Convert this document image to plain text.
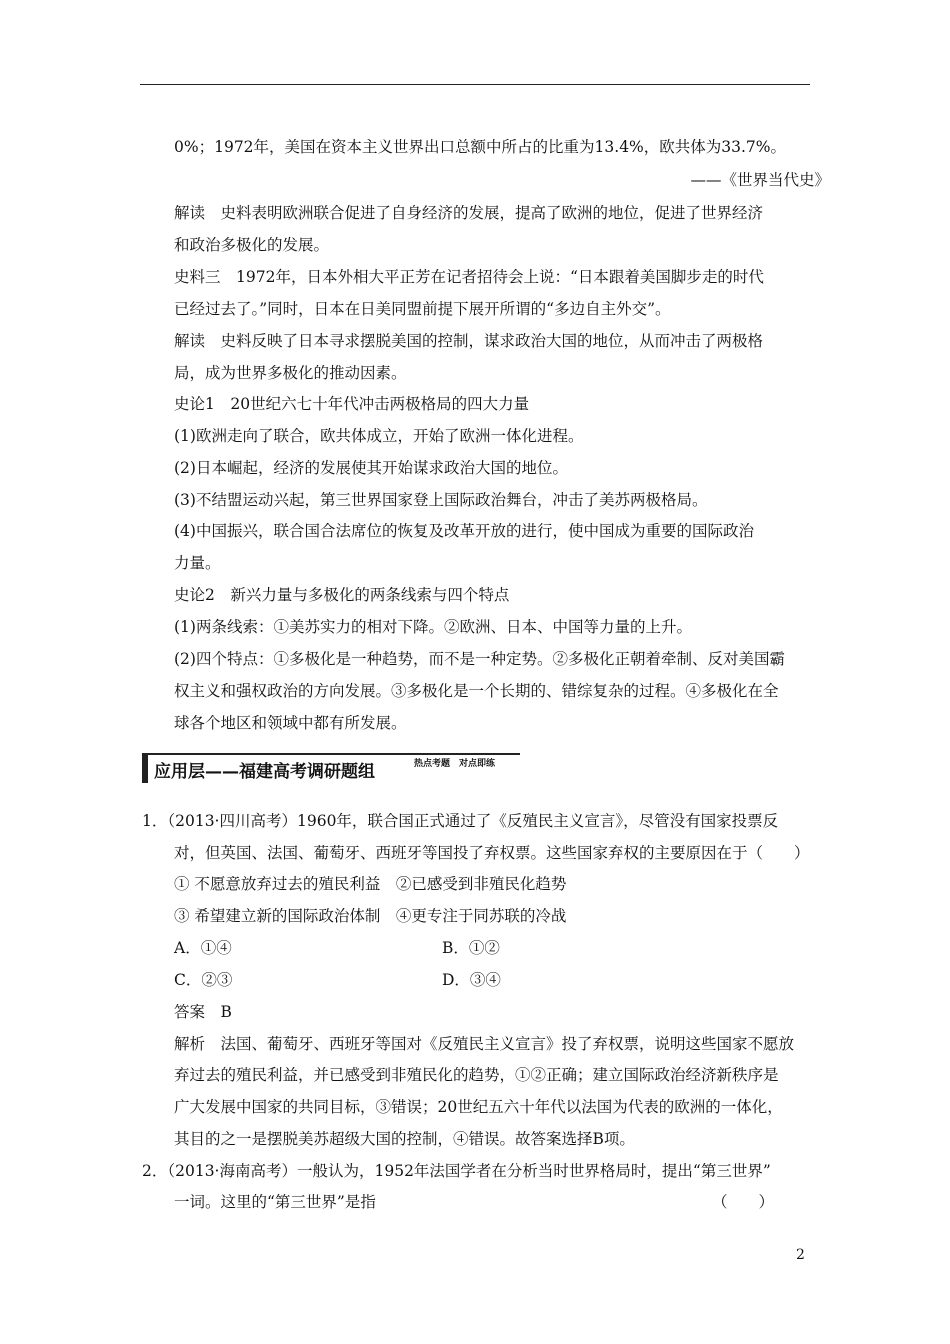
0%；1972年，美国在资本主义世界出口总额中所占的比重为13.4%，欧共体为33.7%。
——《世界当代史》
解读　史料表明欧洲联合促进了自身经济的发展，提高了欧洲的地位，促进了世界经济
和政治多极化的发展。
史料三　1972年，日本外相大平正芳在记者招待会上说：“日本跟着美国脚步走的时代
已经过去了。”同时，日本在日美同盟前提下展开所谓的“多边自主外交”。
解读　史料反映了日本寻求摆脱美国的控制，谋求政治大国的地位，从而冲击了两极格
局，成为世界多极化的推动因素。
史论1　20世纪六七十年代冲击两极格局的四大力量
(1)欧洲走向了联合，欧共体成立，开始了欧洲一体化进程。
(2)日本崛起，经济的发展使其开始谋求政治大国的地位。
(3)不结盟运动兴起，第三世界国家登上国际政治舞台，冲击了美苏两极格局。
(4)中国振兴，联合国合法席位的恢复及改革开放的进行，使中国成为重要的国际政治
力量。
史论2　新兴力量与多极化的两条线索与四个特点
(1)两条线索：①美苏实力的相对下降。②欧洲、日本、中国等力量的上升。
(2)四个特点：①多极化是一种趋势，而不是一种定势。②多极化正朝着牵制、反对美国霸
权主义和强权政治的方向发展。③多极化是一个长期的、错综复杂的过程。④多极化在全
球各个地区和领域中都有所发展。
应用层——福建高考调研题组	热点考题　对点即练
1．（2013·四川高考）1960年，联合国正式通过了《反殖民主义宣言》，尽管没有国家投票反
对，但英国、法国、葡萄牙、西班牙等国投了弃权票。这些国家弃权的主要原因在于（　　）
① 不愿意放弃过去的殖民利益　②已感受到非殖民化趋势
③ 希望建立新的国际政治体制　④更专注于同苏联的冷战
A．①④	B．①②
C．②③	D．③④
答案　B
解析　法国、葡萄牙、西班牙等国对《反殖民主义宣言》投了弃权票，说明这些国家不愿放
弃过去的殖民利益，并已感受到非殖民化的趋势，①②正确；建立国际政治经济新秩序是
广大发展中国家的共同目标，③错误；20世纪五六十年代以法国为代表的欧洲的一体化，
其目的之一是摆脱美苏超级大国的控制，④错误。故答案选择B项。
2．（2013·海南高考）一般认为，1952年法国学者在分析当时世界格局时，提出“第三世界”
一词。这里的“第三世界”是指	（　　）
2
